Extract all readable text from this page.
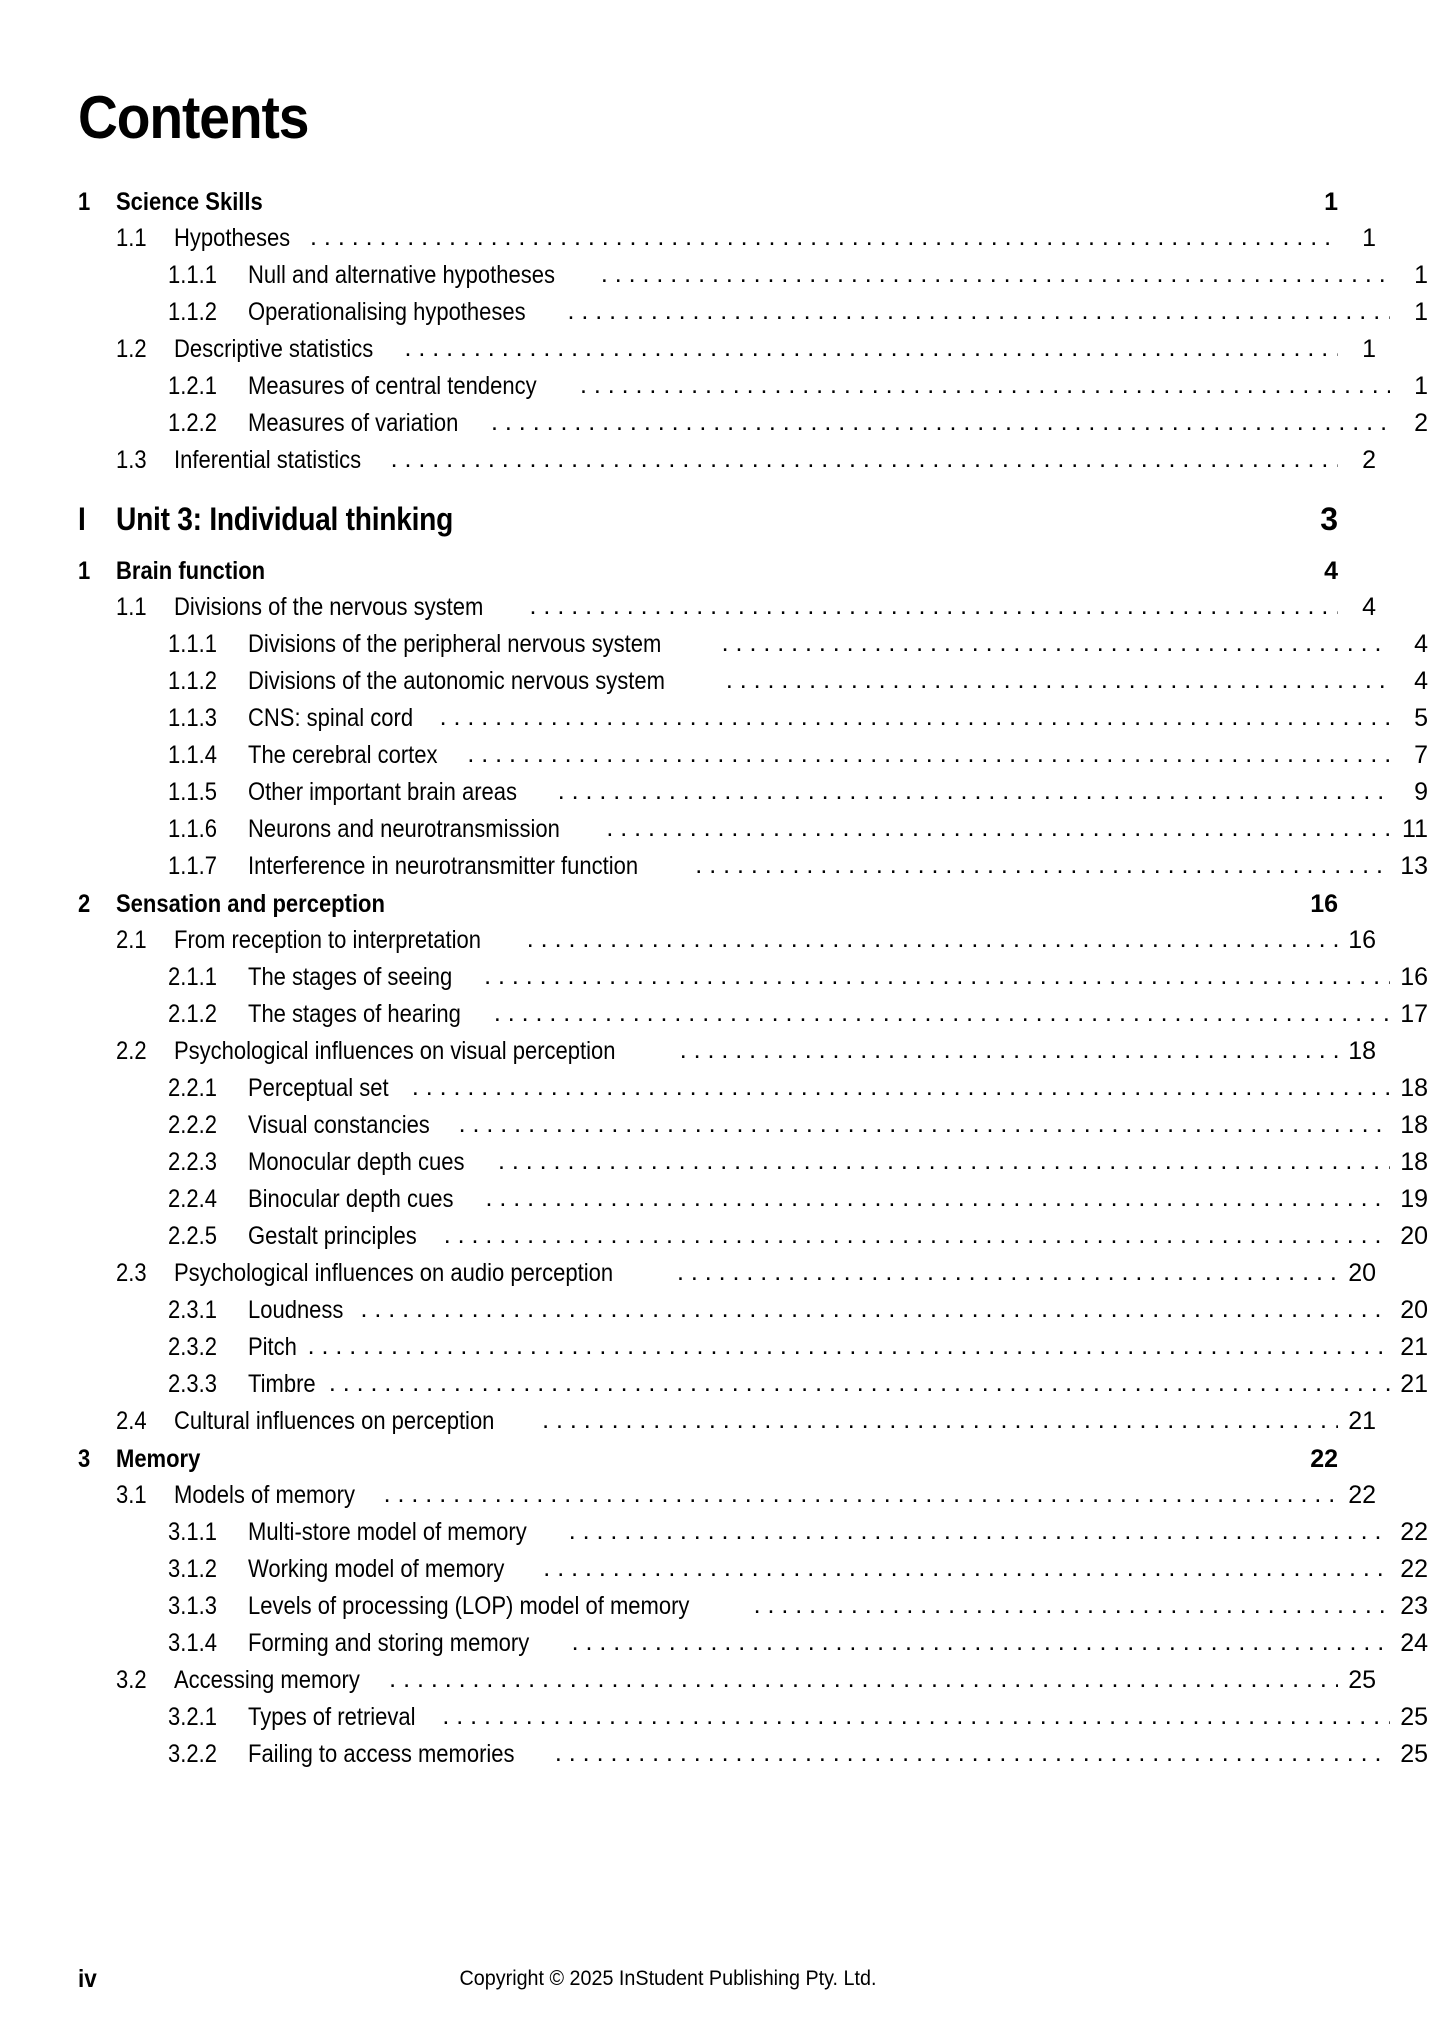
Contents
1	Science Skills	1
1.1	Hypotheses . . .	1
1.1.1	Null and alternative hypotheses . . .	1
1.1.2	Operationalising hypotheses . . .	1
1.2	Descriptive statistics . . .	1
1.2.1	Measures of central tendency . . .	1
1.2.2	Measures of variation . . .	2
1.3	Inferential statistics . . .	2
I Unit 3: Individual thinking	3
1	Brain function	4
1.1	Divisions of the nervous system . . .	4
1.1.1	Divisions of the peripheral nervous system . . .	4
1.1.2	Divisions of the autonomic nervous system . . .	4
1.1.3	CNS: spinal cord . . .	5
1.1.4	The cerebral cortex . . .	7
1.1.5	Other important brain areas . . .	9
1.1.6	Neurons and neurotransmission . . .	11
1.1.7	Interference in neurotransmitter function . . .	13
2	Sensation and perception	16
2.1	From reception to interpretation . . .	16
2.1.1	The stages of seeing . . .	16
2.1.2	The stages of hearing . . .	17
2.2	Psychological influences on visual perception . . .	18
2.2.1	Perceptual set . . .	18
2.2.2	Visual constancies . . .	18
2.2.3	Monocular depth cues . . .	18
2.2.4	Binocular depth cues . . .	19
2.2.5	Gestalt principles . . .	20
2.3	Psychological influences on audio perception . . .	20
2.3.1	Loudness . . .	20
2.3.2	Pitch . . .	21
2.3.3	Timbre . . .	21
2.4	Cultural influences on perception . . .	21
3	Memory	22
3.1	Models of memory . . .	22
3.1.1	Multi-store model of memory . . .	22
3.1.2	Working model of memory . . .	22
3.1.3	Levels of processing (LOP) model of memory . . .	23
3.1.4	Forming and storing memory . . .	24
3.2	Accessing memory . . .	25
3.2.1	Types of retrieval . . .	25
3.2.2	Failing to access memories . . .	25
iv	Copyright © 2025 InStudent Publishing Pty. Ltd.
